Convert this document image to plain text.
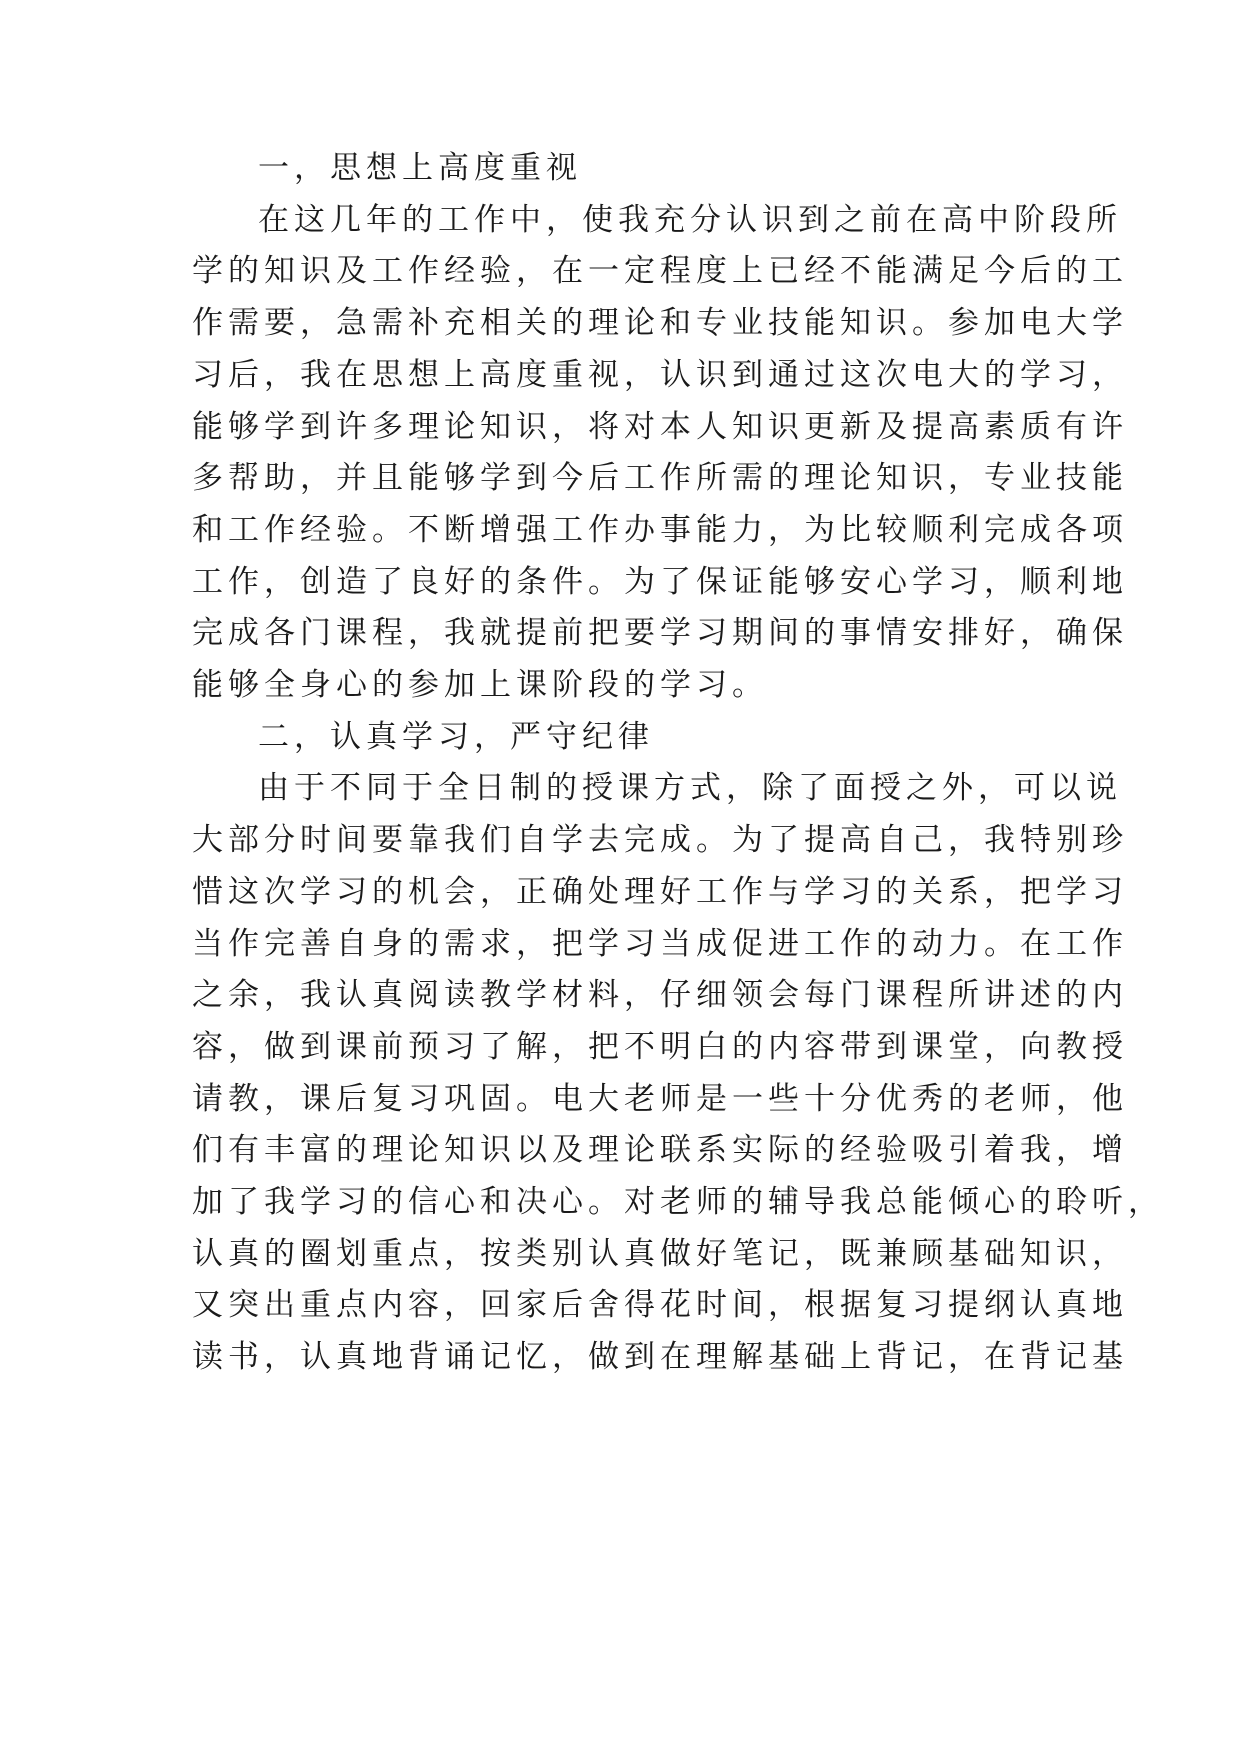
一，思想上高度重视
在这几年的工作中，使我充分认识到之前在高中阶段所
学的知识及工作经验，在一定程度上已经不能满足今后的工
作需要，急需补充相关的理论和专业技能知识。参加电大学
习后，我在思想上高度重视，认识到通过这次电大的学习，
能够学到许多理论知识，将对本人知识更新及提高素质有许
多帮助，并且能够学到今后工作所需的理论知识，专业技能
和工作经验。不断增强工作办事能力，为比较顺利完成各项
工作，创造了良好的条件。为了保证能够安心学习，顺利地
完成各门课程，我就提前把要学习期间的事情安排好，确保
能够全身心的参加上课阶段的学习。
二，认真学习，严守纪律
由于不同于全日制的授课方式，除了面授之外，可以说
大部分时间要靠我们自学去完成。为了提高自己，我特别珍
惜这次学习的机会，正确处理好工作与学习的关系，把学习
当作完善自身的需求，把学习当成促进工作的动力。在工作
之余，我认真阅读教学材料，仔细领会每门课程所讲述的内
容，做到课前预习了解，把不明白的内容带到课堂，向教授
请教，课后复习巩固。电大老师是一些十分优秀的老师，他
们有丰富的理论知识以及理论联系实际的经验吸引着我，增
加了我学习的信心和决心。对老师的辅导我总能倾心的聆听，
认真的圈划重点，按类别认真做好笔记，既兼顾基础知识，
又突出重点内容，回家后舍得花时间，根据复习提纲认真地
读书，认真地背诵记忆，做到在理解基础上背记，在背记基
